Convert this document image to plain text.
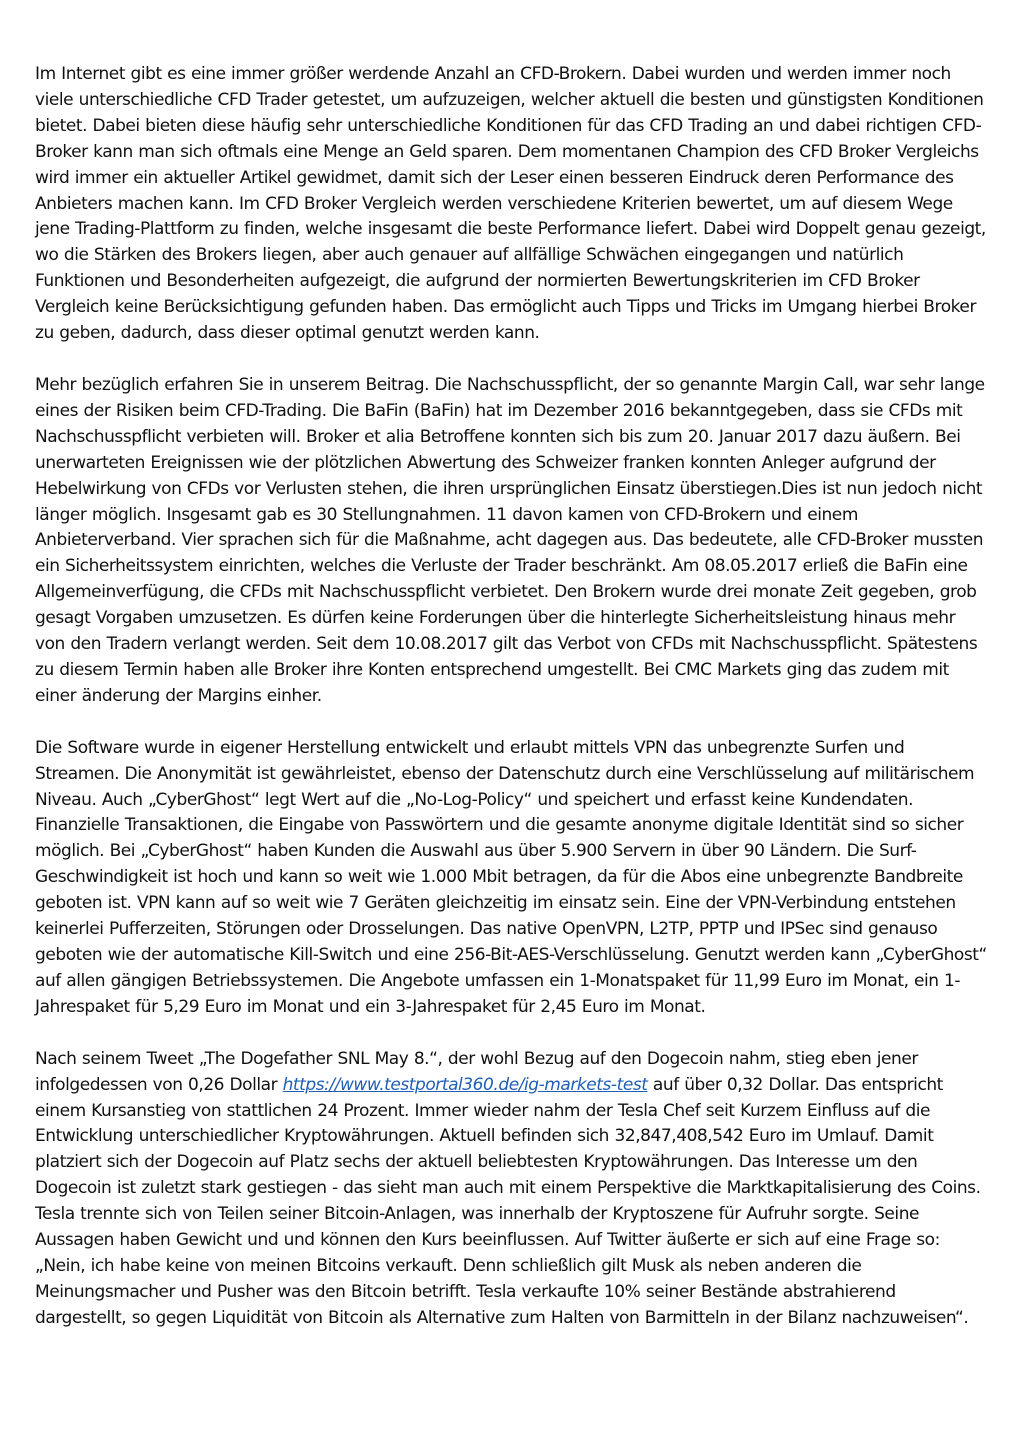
Im Internet gibt es eine immer größer werdende Anzahl an CFD-Brokern. Dabei wurden und werden immer noch viele unterschiedliche CFD Trader getestet, um aufzuzeigen, welcher aktuell die besten und günstigsten Konditionen bietet. Dabei bieten diese häufig sehr unterschiedliche Konditionen für das CFD Trading an und dabei richtigen CFD-Broker kann man sich oftmals eine Menge an Geld sparen. Dem momentanen Champion des CFD Broker Vergleichs wird immer ein aktueller Artikel gewidmet, damit sich der Leser einen besseren Eindruck deren Performance des Anbieters machen kann. Im CFD Broker Vergleich werden verschiedene Kriterien bewertet, um auf diesem Wege jene Trading-Plattform zu finden, welche insgesamt die beste Performance liefert. Dabei wird Doppelt genau gezeigt, wo die Stärken des Brokers liegen, aber auch genauer auf allfällige Schwächen eingegangen und natürlich Funktionen und Besonderheiten aufgezeigt, die aufgrund der normierten Bewertungskriterien im CFD Broker Vergleich keine Berücksichtigung gefunden haben. Das ermöglicht auch Tipps und Tricks im Umgang hierbei Broker zu geben, dadurch, dass dieser optimal genutzt werden kann.

Mehr bezüglich erfahren Sie in unserem Beitrag. Die Nachschusspflicht, der so genannte Margin Call, war sehr lange eines der Risiken beim CFD-Trading. Die BaFin (BaFin) hat im Dezember 2016 bekanntgegeben, dass sie CFDs mit Nachschusspflicht verbieten will. Broker et alia Betroffene konnten sich bis zum 20. Januar 2017 dazu äußern. Bei unerwarteten Ereignissen wie der plötzlichen Abwertung des Schweizer franken konnten Anleger aufgrund der Hebelwirkung von CFDs vor Verlusten stehen, die ihren ursprünglichen Einsatz überstiegen.Dies ist nun jedoch nicht länger möglich. Insgesamt gab es 30 Stellungnahmen. 11 davon kamen von CFD-Brokern und einem Anbieterverband. Vier sprachen sich für die Maßnahme, acht dagegen aus. Das bedeutete, alle CFD-Broker mussten ein Sicherheitssystem einrichten, welches die Verluste der Trader beschränkt. Am 08.05.2017 erließ die BaFin eine Allgemeinverfügung, die CFDs mit Nachschusspflicht verbietet. Den Brokern wurde drei monate Zeit gegeben, grob gesagt Vorgaben umzusetzen. Es dürfen keine Forderungen über die hinterlegte Sicherheitsleistung hinaus mehr von den Tradern verlangt werden. Seit dem 10.08.2017 gilt das Verbot von CFDs mit Nachschusspflicht. Spätestens zu diesem Termin haben alle Broker ihre Konten entsprechend umgestellt. Bei CMC Markets ging das zudem mit einer änderung der Margins einher.

Die Software wurde in eigener Herstellung entwickelt und erlaubt mittels VPN das unbegrenzte Surfen und Streamen. Die Anonymität ist gewährleistet, ebenso der Datenschutz durch eine Verschlüsselung auf militärischem Niveau. Auch „CyberGhost“ legt Wert auf die „No-Log-Policy“ und speichert und erfasst keine Kundendaten. Finanzielle Transaktionen, die Eingabe von Passwörtern und die gesamte anonyme digitale Identität sind so sicher möglich. Bei „CyberGhost“ haben Kunden die Auswahl aus über 5.900 Servern in über 90 Ländern. Die Surf-Geschwindigkeit ist hoch und kann so weit wie 1.000 Mbit betragen, da für die Abos eine unbegrenzte Bandbreite geboten ist. VPN kann auf so weit wie 7 Geräten gleichzeitig im einsatz sein. Eine der VPN-Verbindung entstehen keinerlei Pufferzeiten, Störungen oder Drosselungen. Das native OpenVPN, L2TP, PPTP und IPSec sind genauso geboten wie der automatische Kill-Switch und eine 256-Bit-AES-Verschlüsselung. Genutzt werden kann „CyberGhost“ auf allen gängigen Betriebssystemen. Die Angebote umfassen ein 1-Monatspaket für 11,99 Euro im Monat, ein 1-Jahrespaket für 5,29 Euro im Monat und ein 3-Jahrespaket für 2,45 Euro im Monat.

Nach seinem Tweet „The Dogefather SNL May 8.“, der wohl Bezug auf den Dogecoin nahm, stieg eben jener infolgedessen von 0,26 Dollar https://www.testportal360.de/ig-markets-test auf über 0,32 Dollar. Das entspricht einem Kursanstieg von stattlichen 24 Prozent. Immer wieder nahm der Tesla Chef seit Kurzem Einfluss auf die Entwicklung unterschiedlicher Kryptowährungen. Aktuell befinden sich 32,847,408,542 Euro im Umlauf. Damit platziert sich der Dogecoin auf Platz sechs der aktuell beliebtesten Kryptowährungen. Das Interesse um den Dogecoin ist zuletzt stark gestiegen - das sieht man auch mit einem Perspektive die Marktkapitalisierung des Coins. Tesla trennte sich von Teilen seiner Bitcoin-Anlagen, was innerhalb der Kryptoszene für Aufruhr sorgte. Seine Aussagen haben Gewicht und und können den Kurs beeinflussen. Auf Twitter äußerte er sich auf eine Frage so: „Nein, ich habe keine von meinen Bitcoins verkauft. Denn schließlich gilt Musk als neben anderen die Meinungsmacher und Pusher was den Bitcoin betrifft. Tesla verkaufte 10% seiner Bestände abstrahierend dargestellt, so gegen Liquidität von Bitcoin als Alternative zum Halten von Barmitteln in der Bilanz nachzuweisen“.
